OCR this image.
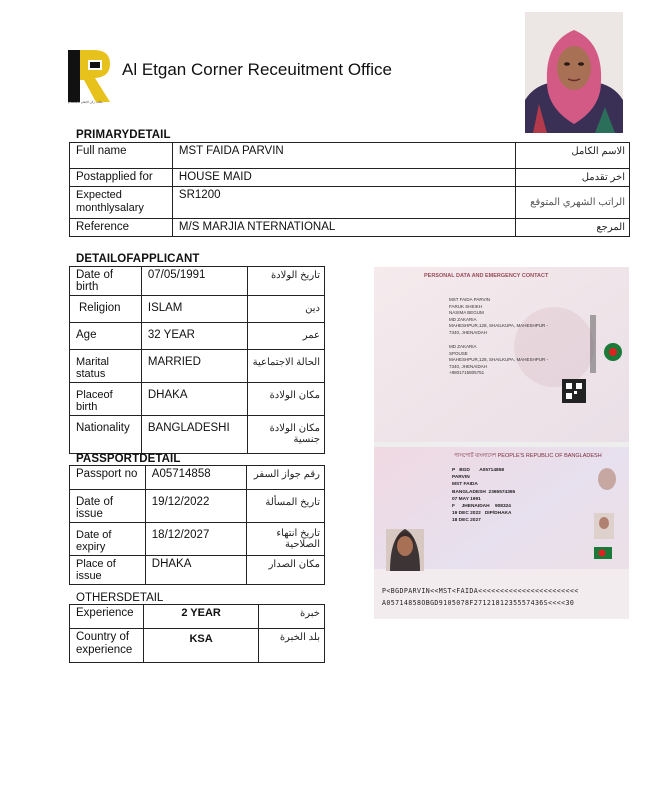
مكتب ركن الإتقان للاستقدام
Al Etgan Corner Receuitment Office
PRIMARYDETAIL
Full name	MST FAIDA PARVIN	الاسم الكامل
Postapplied for	HOUSE MAID	اخر تقدمل
Expected monthlysalary	SR1200	الراتب الشهري المتوقع
Reference	M/S MARJIA NTERNATIONAL	المرجع
DETAILOFAPPLICANT
Date of birth	07/05/1991	تاريخ الولادة
Religion	ISLAM	دين
Age	32 YEAR	عمر
Marital status	MARRIED	الحالة الاجتماعية
Placeof birth	DHAKA	مكان الولادة
Nationality	BANGLADESHI	مكان الولادة جنسية
PASSPORTDETAIL
Passport no	A05714858	رقم جواز السفر
Date of issue	19/12/2022	تاريخ المسألة
Date of expiry	18/12/2027	تاريخ انتهاء الصلاحية
Place of issue	DHAKA	مكان الصدار
OTHERSDETAIL
Experience	2 YEAR	خبرة
Country of experience	KSA	بلد الخبرة
PERSONAL DATA AND EMERGENCY CONTACT
MST FAIDA PARVIN
FARUK SHEIKH
NASIMA BEGUM
MD ZAKARIA
MAHESHPUR,128, SHAILKUPA, MAHESHPUR - 7340, JHENAIDAH
MD ZAKARIA
SPOUSE
MAHESHPUR,128, SHAILKUPA, MAHESHPUR - 7340, JHENAIDAH
+8801715805751
পাসপোর্ট বাংলাদেশ PEOPLE'S REPUBLIC OF BANGLADESH
P BGD A05714858
PARVIN
MST FAIDA
BANGLADESH 2365574365
07 MAY 1991
F JHENAIDAH 908324
19 DEC 2022 DIP/DHAKA
18 DEC 2027
P<BGDPARVIN<<MST<FAIDA<<<<<<<<<<<<<<<<<<<<<<<
A05714858OBGD9105078F2712181235557436S<<<<30
